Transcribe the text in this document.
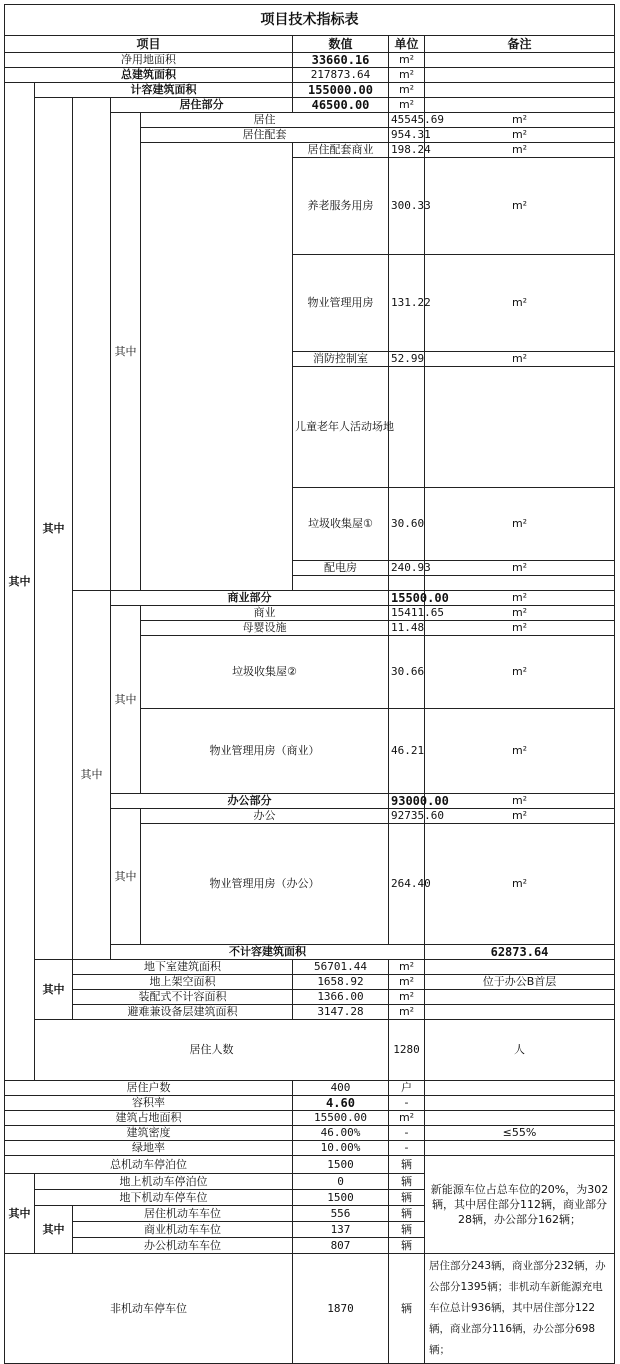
项目技术指标表								
项目					数值	单位	备注	
净用地面积					33660.16	m²		
总建筑面积					217873.64	m²		
其中	计容建筑面积				155000.00	m²		
	其中		居住部分		46500.00	m²		
			其中	居住		45545.69	m²	
				居住配套		954.31	m²	
					居住配套商业	198.24	m²	
					养老服务用房	300.33	m²	
					物业管理用房	131.22	m²	
					消防控制室	52.99	m²	
					儿童老年人活动场地			
					垃圾收集屋①	30.60	m²	
					配电房	240.93	m²	

		其中	商业部分			15500.00	m²	
			其中	商业		15411.65	m²	
				母婴设施		11.48	m²	
				垃圾收集屋②		30.66	m²	
				物业管理用房（商业）		46.21	m²	
			办公部分			93000.00	m²	
			其中	办公		92735.60	m²	
				物业管理用房（办公）		264.40	m²	
			不计容建筑面积				62873.64		
	其中	地下室建筑面积			56701.44	m²		
		地上架空面积			1658.92	m²	位于办公B首层	
		装配式不计容面积			1366.00	m²		
		避难兼设备层建筑面积			3147.28	m²		
	居住人数					1280	人	
居住户数					400	户		
容积率					4.60	-		
建筑占地面积					15500.00	m²		
建筑密度					46.00%	-	≤55%	
绿地率					10.00%	-		
总机动车停泊位					1500	辆	新能源车位占总车位的20%，为302辆，其中居住部分112辆，商业部分28辆，办公部分162辆；	
其中	地上机动车停泊位				0	辆		
	地下机动车停车位				1500	辆		
	其中	居住机动车车位			556	辆		
		商业机动车车位			137	辆		
		办公机动车车位			807	辆		
非机动车停车位					1870	辆	居住部分243辆，商业部分232辆，办公部分1395辆；非机动车新能源充电车位总计936辆，其中居住部分122辆，商业部分116辆，办公部分698辆；	
